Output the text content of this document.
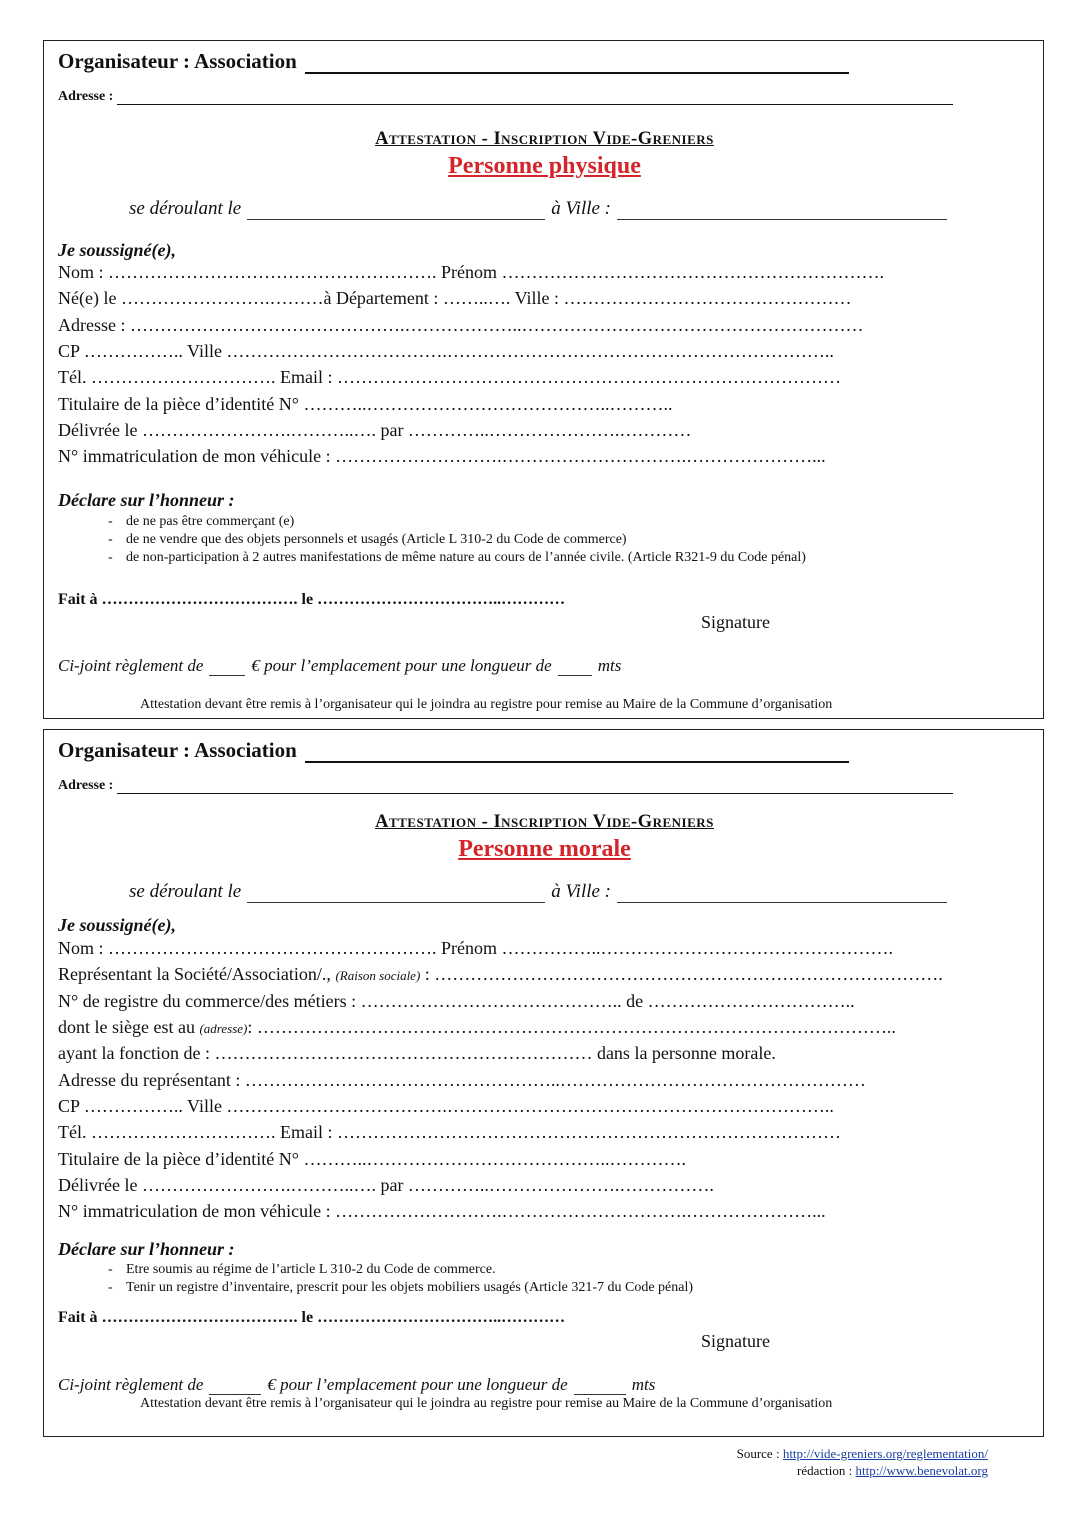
Organisateur : Association
Adresse :
Attestation - Inscription Vide-Greniers
Personne physique
se déroulant le	à Ville :
Je soussigné(e),
Nom : ………………………………………………. Prénom ……………………………………………………….
Né(e) le …………………….………à Département : ……..…. Ville : …………………………………………
Adresse : ……………………………………….………………..…………………………………………………
CP …………….. Ville ……………………………….………………………………………………………..
Tél. …………………………. Email : …………………………………………………………………………
Titulaire de la pièce d’identité N° ………..…………………………………..………..
Délivrée le …………………….………..…. par …………..………………….…………
N° immatriculation de mon véhicule : ……………………….………………………….…………………...
Déclare sur l’honneur :
- de ne pas être commerçant (e)
- de ne vendre que des objets personnels et usagés (Article L 310-2 du Code de commerce)
- de non-participation à 2 autres manifestations de même nature au cours de l’année civile. (Article R321-9 du Code pénal)
Fait à ………………………………. le ……………………………..…………
Signature
Ci-joint règlement de	€ pour l’emplacement pour une longueur de	mts
Attestation devant être remis à l’organisateur qui le joindra au registre pour remise au Maire de la Commune d’organisation
Organisateur : Association
Adresse :
Attestation - Inscription Vide-Greniers
Personne morale
se déroulant le	à Ville :
Je soussigné(e),
Nom : ………………………………………………. Prénom ……………..………………………………………….
Représentant la Société/Association/., (Raison sociale) : ………………………………………………………………………….
N° de registre du commerce/des métiers : …………………………………….. de ……………………………..
dont le siège est au (adresse): ……………………………………………………………………………………………..
ayant la fonction de : ……………………………………………………… dans la personne morale.
Adresse du représentant : ……………………………………………..……………………………………………
CP …………….. Ville ……………………………….………………………………………………………..
Tél. …………………………. Email : …………………………………………………………………………
Titulaire de la pièce d’identité N° ………..…………………………………..………….
Délivrée le …………………….………..…. par …………..………………….…………….
N° immatriculation de mon véhicule : ……………………….………………………….…………………...
Déclare sur l’honneur :
- Etre soumis au régime de l’article L 310-2 du Code de commerce.
- Tenir un registre d’inventaire, prescrit pour les objets mobiliers usagés (Article 321-7 du Code pénal)
Fait à ………………………………. le ……………………………..…………
Signature
Ci-joint règlement de	€ pour l’emplacement pour une longueur de	mts
Attestation devant être remis à l’organisateur qui le joindra au registre pour remise au Maire de la Commune d’organisation
Source : http://vide-greniers.org/reglementation/
rédaction : http://www.benevolat.org
